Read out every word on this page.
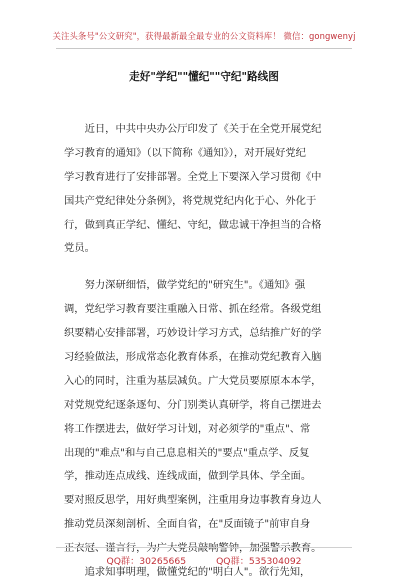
关注头条号"公文研究"，获得最新最全最专业的公文资料库！ 微信：gongwenyj
走好"学纪""懂纪""守纪"路线图
　　近日，中共中央办公厅印发了《关于在全党开展党纪
学习教育的通知》（以下简称《通知》），对开展好党纪
学习教育进行了安排部署。全党上下要深入学习贯彻《中
国共产党纪律处分条例》，将党规党纪内化于心、外化于
行，做到真正学纪、懂纪、守纪，做忠诚干净担当的合格
党员。
　　努力深研细悟，做学党纪的"研究生"。《通知》强
调，党纪学习教育要注重融入日常、抓在经常。各级党组
织要精心安排部署，巧妙设计学习方式，总结推广好的学
习经验做法，形成常态化教育体系，在推动党纪教育入脑
入心的同时，注重为基层减负。广大党员要原原本本学，
对党规党纪逐条逐句、分门别类认真研学，将自己摆进去
将工作摆进去，做好学习计划，对必须学的"重点"、常
出现的"难点"和与自己息息相关的"要点"重点学、反复
学，推动连点成线、连线成面，做到学具体、学全面。
要对照反思学，用好典型案例，注重用身边事教育身边人
推动党员深刻剖析、全面自省，在"反面镜子"前审自身
正衣冠、谨言行，为广大党员敲响警钟，加强警示教育。
　　追求知事明理，做懂党纪的"明白人"。欲行先知，
QQ群：30265665	QQ群：535304092
